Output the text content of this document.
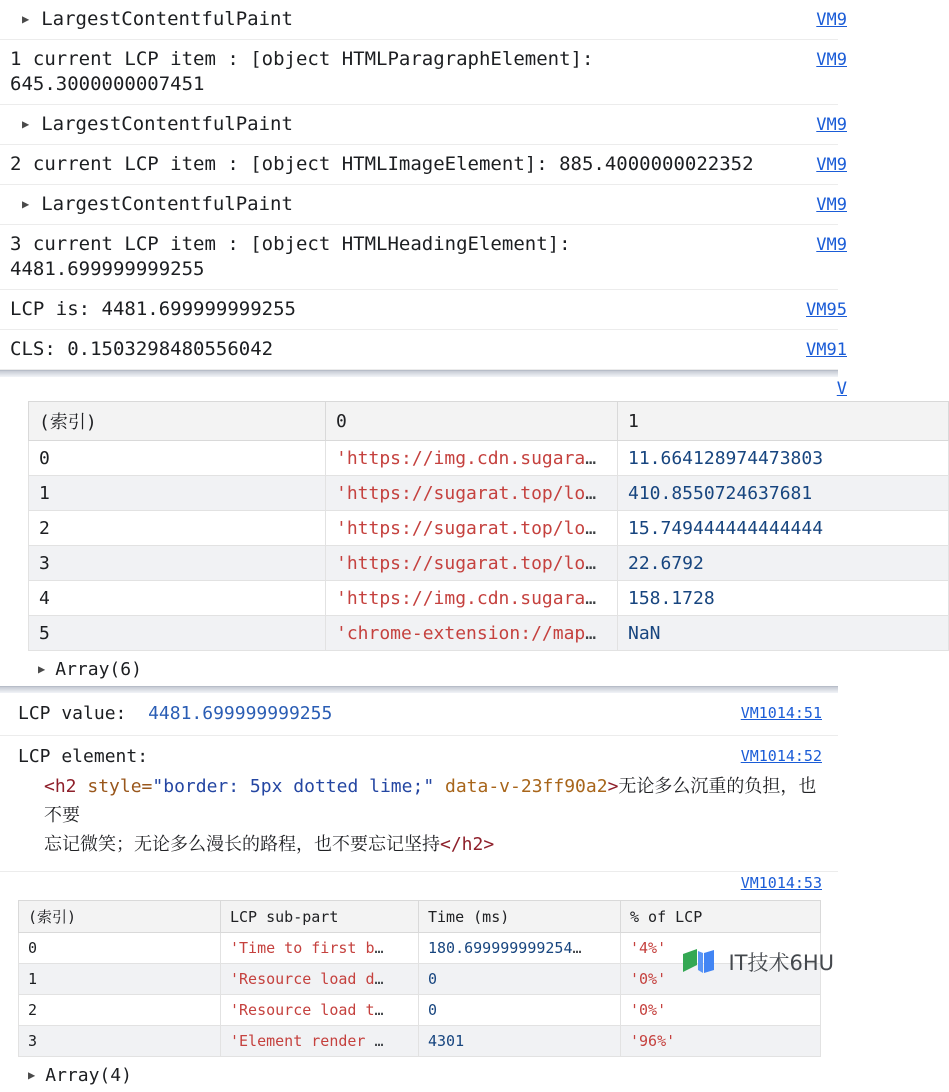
▶ LargestContentfulPaint	VM9
1 current LCP item : [object HTMLParagraphElement]:
645.3000000007451
VM9
▶ LargestContentfulPaint	VM9
2 current LCP item : [object HTMLImageElement]: 885.4000000022352	VM9
▶ LargestContentfulPaint	VM9
3 current LCP item : [object HTMLHeadingElement]: 4481.699999999255
VM9
LCP is: 4481.699999999255	VM95
CLS: 0.1503298480556042	VM91
V
(索引)	0	1
0	'https://img.cdn.sugara…	11.664128974473803
1	'https://sugarat.top/lo…	410.8550724637681
2	'https://sugarat.top/lo…	15.749444444444444
3	'https://sugarat.top/lo…	22.6792
4	'https://img.cdn.sugara…	158.1728
5	'chrome-extension://map…	NaN
▶ Array(6)
LCP value: 4481.699999999255	VM1014:51
LCP element:	VM1014:52
<h2 style="border: 5px dotted lime;" data-v-23ff90a2>无论多么沉重的负担，也不要
忘记微笑；无论多么漫长的路程，也不要忘记坚持</h2>
VM1014:53
(索引)	LCP sub-part	Time (ms)	% of LCP
0	'Time to first b…	180.699999999254…	'4%'
1	'Resource load d…	0	'0%'
2	'Resource load t…	0	'0%'
3	'Element render …	4301	'96%'
▶ Array(4)
IT技术6HU
